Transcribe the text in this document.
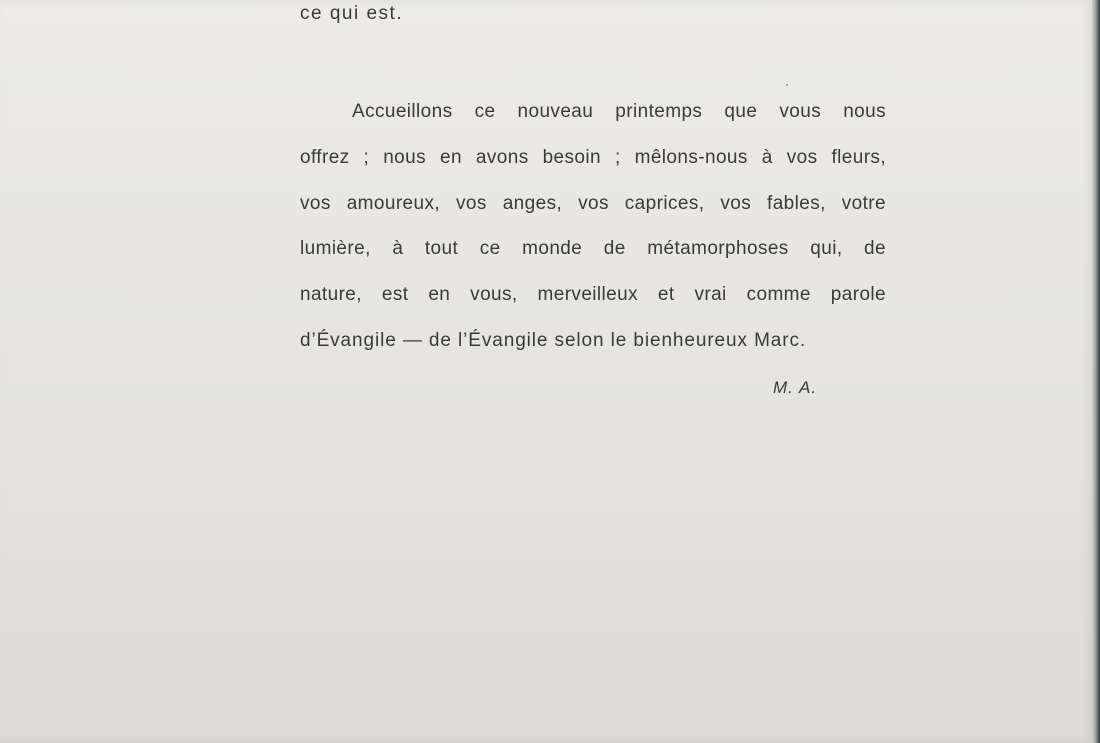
ce qui est.
Accueillons ce nouveau printemps que vous nous
offrez ; nous en avons besoin ; mêlons-nous à vos fleurs,
vos amoureux, vos anges, vos caprices, vos fables, votre
lumière, à tout ce monde de métamorphoses qui, de
nature, est en vous, merveilleux et vrai comme parole
d’Évangile — de l’Évangile selon le bienheureux Marc.
M. A.
